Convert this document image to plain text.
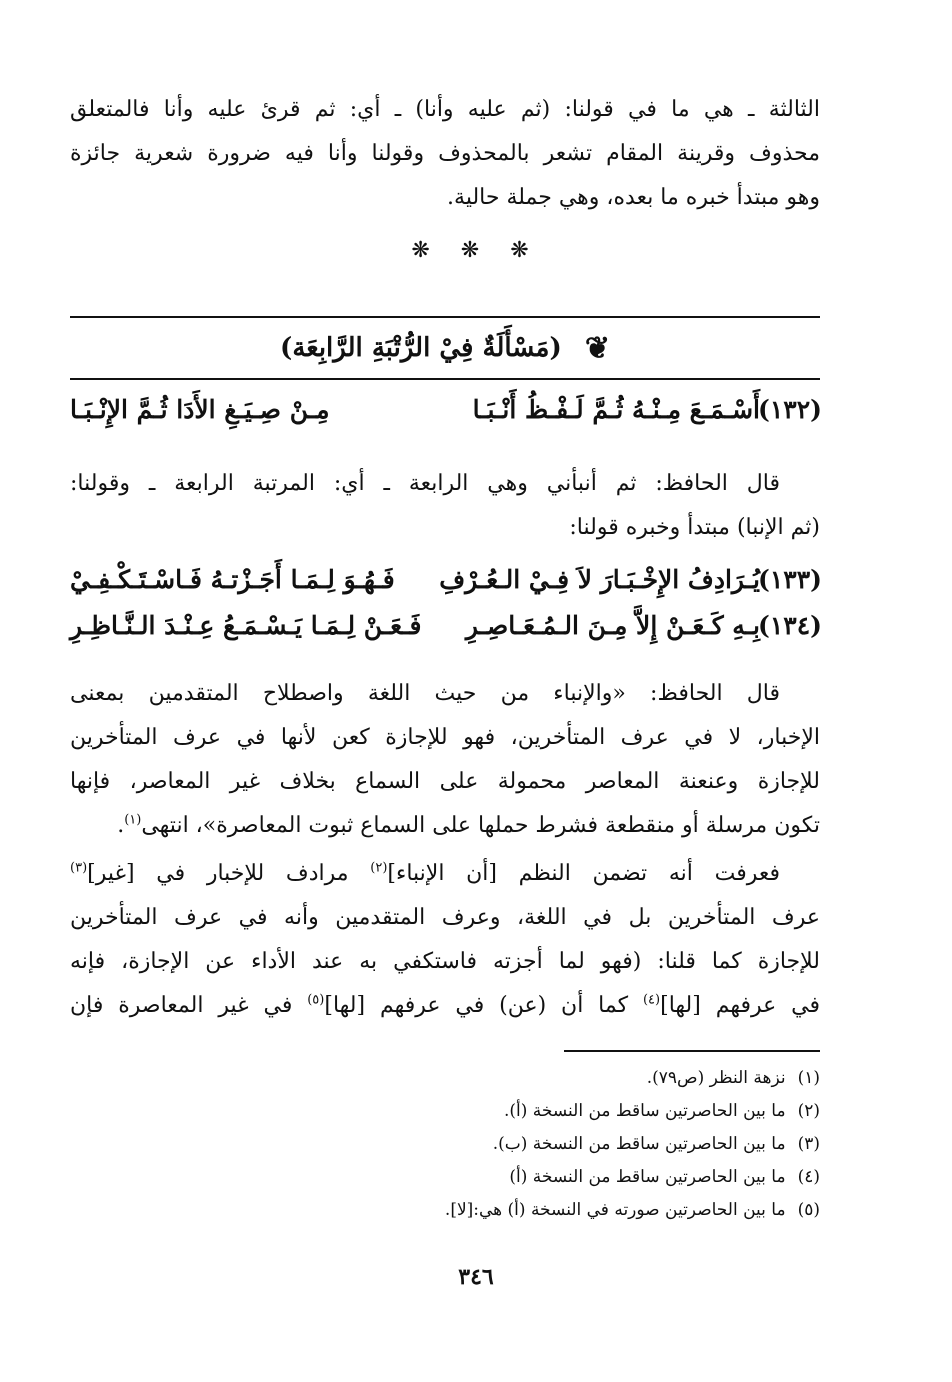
الثالثة ـ هي ما في قولنا: (ثم عليه وأنا) ـ أي: ثم قرئ عليه وأنا فالمتعلق
محذوف وقرينة المقام تشعر بالمحذوف وقولنا وأنا فيه ضرورة شعرية جائزة
وهو مبتدأ خبره ما بعده، وهي جملة حالية.
❋ ❋ ❋
❦ (مَسْأَلَةٌ فِيْ الرُّتْبَةِ الرَّابِعَة)
(١٣٢)
أَسْـمَـعَ مِـنْـهُ ثُـمَّ لَـفْـظُ أَنْـبَـا
مِـنْ صِـيَـغِ الأَدَا ثُـمَّ الإِنْـبَـا
قال الحافظ: ثم أنبأني وهي الرابعة ـ أي: المرتبة الرابعة ـ وقولنا:
(ثم الإنبا) مبتدأ وخبره قولنا:
(١٣٣)
يُـرَادِفُ الإِخْـبَـارَ لاَ فِـيْ الـعُـرْفِ
فَـهُـوَ لِـمَـا أَجَـزْتـهُ فَـاسْـتَـكْـفِـيْ
(١٣٤)
بِـهِ كَـعَـنْ إِلاَّ مِـنَ الـمُـعَـاصِـرِ
فَـعَـنْ لِـمَـا يَـسْـمَـعُ عِـنْـدَ الـنَّـاظِـرِ
قال الحافظ: «والإنباء من حيث اللغة واصطلاح المتقدمين بمعنى
الإخبار، لا في عرف المتأخرين، فهو للإجازة كعن لأنها في عرف المتأخرين
للإجازة وعنعنة المعاصر محمولة على السماع بخلاف غير المعاصر، فإنها
تكون مرسلة أو منقطعة فشرط حملها على السماع ثبوت المعاصرة»، انتهى$^{(١)}$.
فعرفت أنه تضمن النظم [أن الإنباء]$^{(٢)}$ مرادف للإخبار في [غير]$^{(٣)}$
عرف المتأخرين بل في اللغة، وعرف المتقدمين وأنه في عرف المتأخرين
للإجازة كما قلنا: (فهو لما أجزته فاستكفي به عند الأداء عن الإجازة، فإنه
في عرفهم [لها]$^{(٤)}$ كما أن (عن) في عرفهم [لها]$^{(٥)}$ في غير المعاصرة فإن
(١)نزهة النظر (ص٧٩).
(٢)ما بين الحاصرتين ساقط من النسخة (أ).
(٣)ما بين الحاصرتين ساقط من النسخة (ب).
(٤)ما بين الحاصرتين ساقط من النسخة (أ)
(٥)ما بين الحاصرتين صورته في النسخة (أ) هي:[لا].
٣٤٦
